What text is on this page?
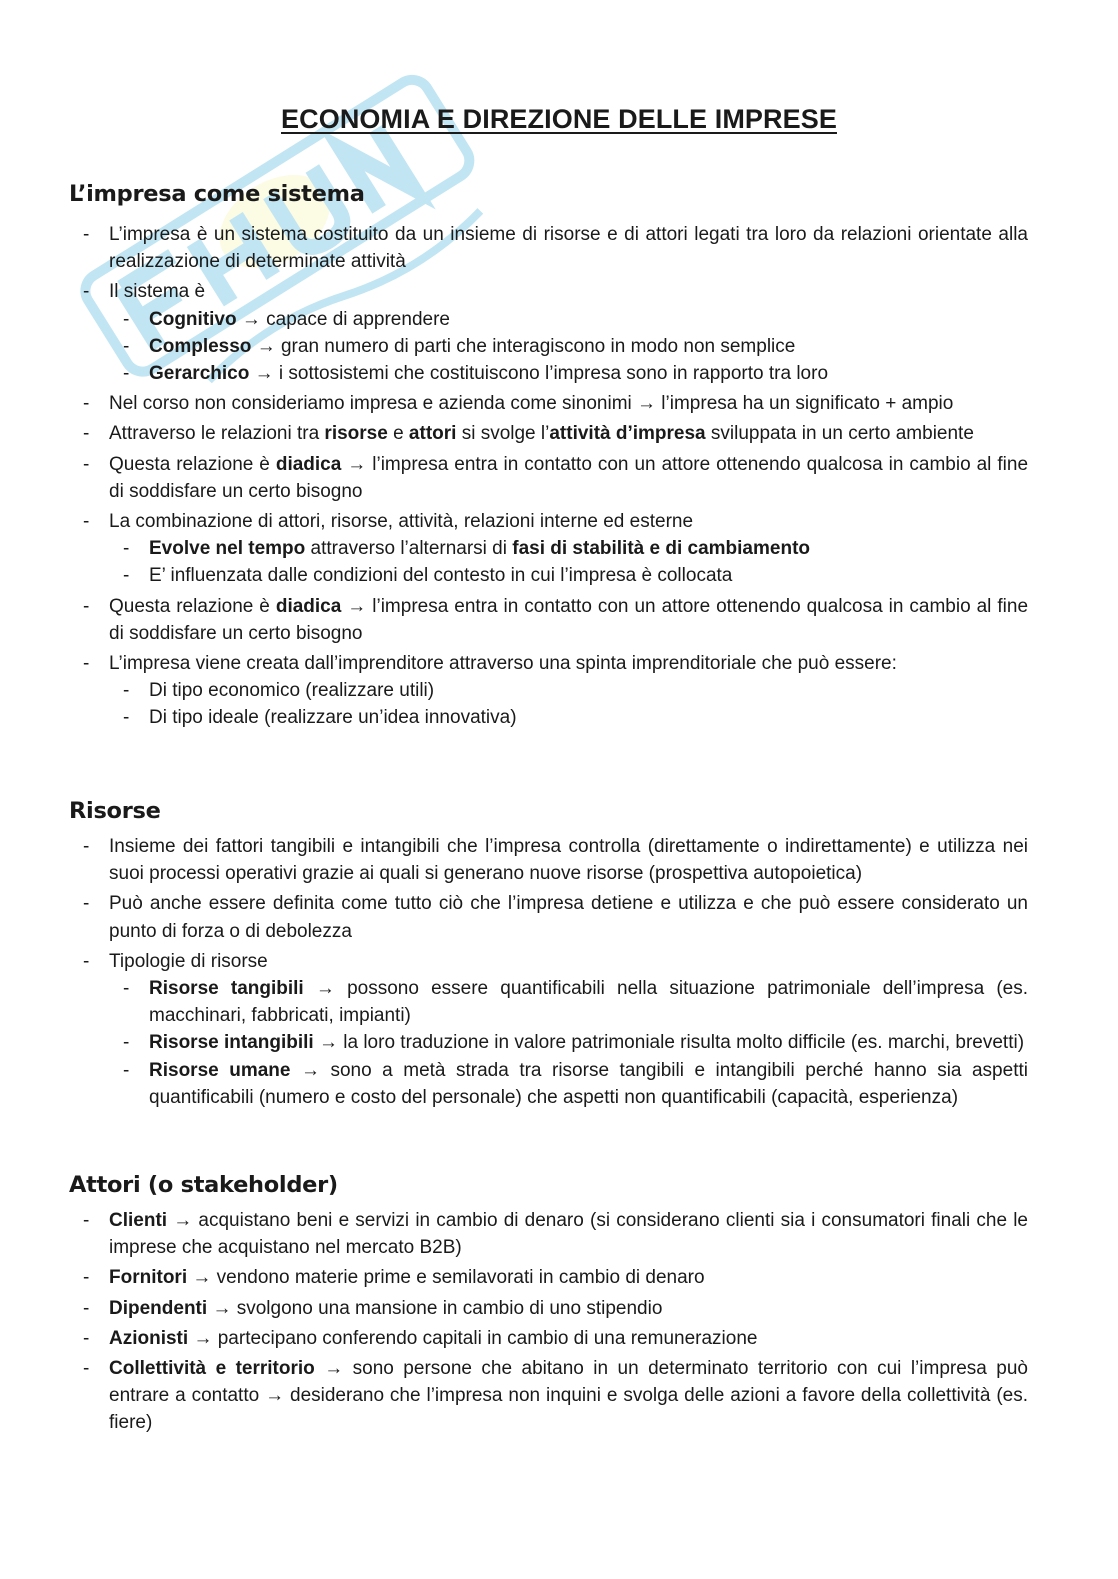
ECONOMIA E DIREZIONE DELLE IMPRESE
L’impresa come sistema
- L’impresa è un sistema costituito da un insieme di risorse e di attori legati tra loro da relazioni orientate alla realizzazione di determinate attività
- Il sistema è
- Cognitivo → capace di apprendere
- Complesso → gran numero di parti che interagiscono in modo non semplice
- Gerarchico → i sottosistemi che costituiscono l’impresa sono in rapporto tra loro
- Nel corso non consideriamo impresa e azienda come sinonimi → l’impresa ha un significato + ampio
- Attraverso le relazioni tra risorse e attori si svolge l’attività d’impresa sviluppata in un certo ambiente
- Questa relazione è diadica → l’impresa entra in contatto con un attore ottenendo qualcosa in cambio al fine di soddisfare un certo bisogno
- La combinazione di attori, risorse, attività, relazioni interne ed esterne
- Evolve nel tempo attraverso l’alternarsi di fasi di stabilità e di cambiamento
- E’ influenzata dalle condizioni del contesto in cui l’impresa è collocata
- Questa relazione è diadica → l’impresa entra in contatto con un attore ottenendo qualcosa in cambio al fine di soddisfare un certo bisogno
- L’impresa viene creata dall’imprenditore attraverso una spinta imprenditoriale che può essere:
- Di tipo economico (realizzare utili)
- Di tipo ideale (realizzare un’idea innovativa)
Risorse
- Insieme dei fattori tangibili e intangibili che l’impresa controlla (direttamente o indirettamente) e utilizza nei suoi processi operativi grazie ai quali si generano nuove risorse (prospettiva autopoietica)
- Può anche essere definita come tutto ciò che l’impresa detiene e utilizza e che può essere considerato un punto di forza o di debolezza
- Tipologie di risorse
- Risorse tangibili → possono essere quantificabili nella situazione patrimoniale dell’impresa (es. macchinari, fabbricati, impianti)
- Risorse intangibili → la loro traduzione in valore patrimoniale risulta molto difficile (es. marchi, brevetti)
- Risorse umane → sono a metà strada tra risorse tangibili e intangibili perché hanno sia aspetti quantificabili (numero e costo del personale) che aspetti non quantificabili (capacità, esperienza)
Attori (o stakeholder)
- Clienti → acquistano beni e servizi in cambio di denaro (si considerano clienti sia i consumatori finali che le imprese che acquistano nel mercato B2B)
- Fornitori → vendono materie prime e semilavorati in cambio di denaro
- Dipendenti → svolgono una mansione in cambio di uno stipendio
- Azionisti → partecipano conferendo capitali in cambio di una remunerazione
- Collettività e territorio → sono persone che abitano in un determinato territorio con cui l’impresa può entrare a contatto → desiderano che l’impresa non inquini e svolga delle azioni a favore della collettività (es. fiere)
